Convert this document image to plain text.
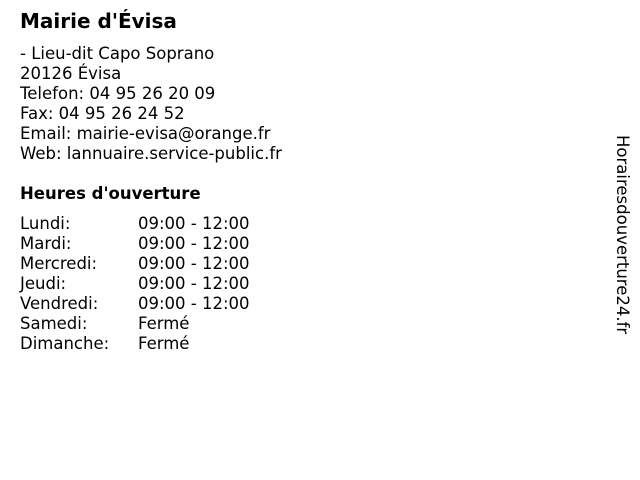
Mairie d'Évisa
- Lieu-dit Capo Soprano
20126 Évisa
Telefon: 04 95 26 20 09
Fax: 04 95 26 24 52
Email: mairie-evisa@orange.fr
Web: lannuaire.service-public.fr
Heures d'ouverture
Lundi:	09:00 - 12:00
Mardi:	09:00 - 12:00
Mercredi: 09:00 - 12:00
Jeudi:	09:00 - 12:00
Vendredi: 09:00 - 12:00
Samedi:	Fermé
Dimanche: Fermé
Horairesdouverture24.fr
